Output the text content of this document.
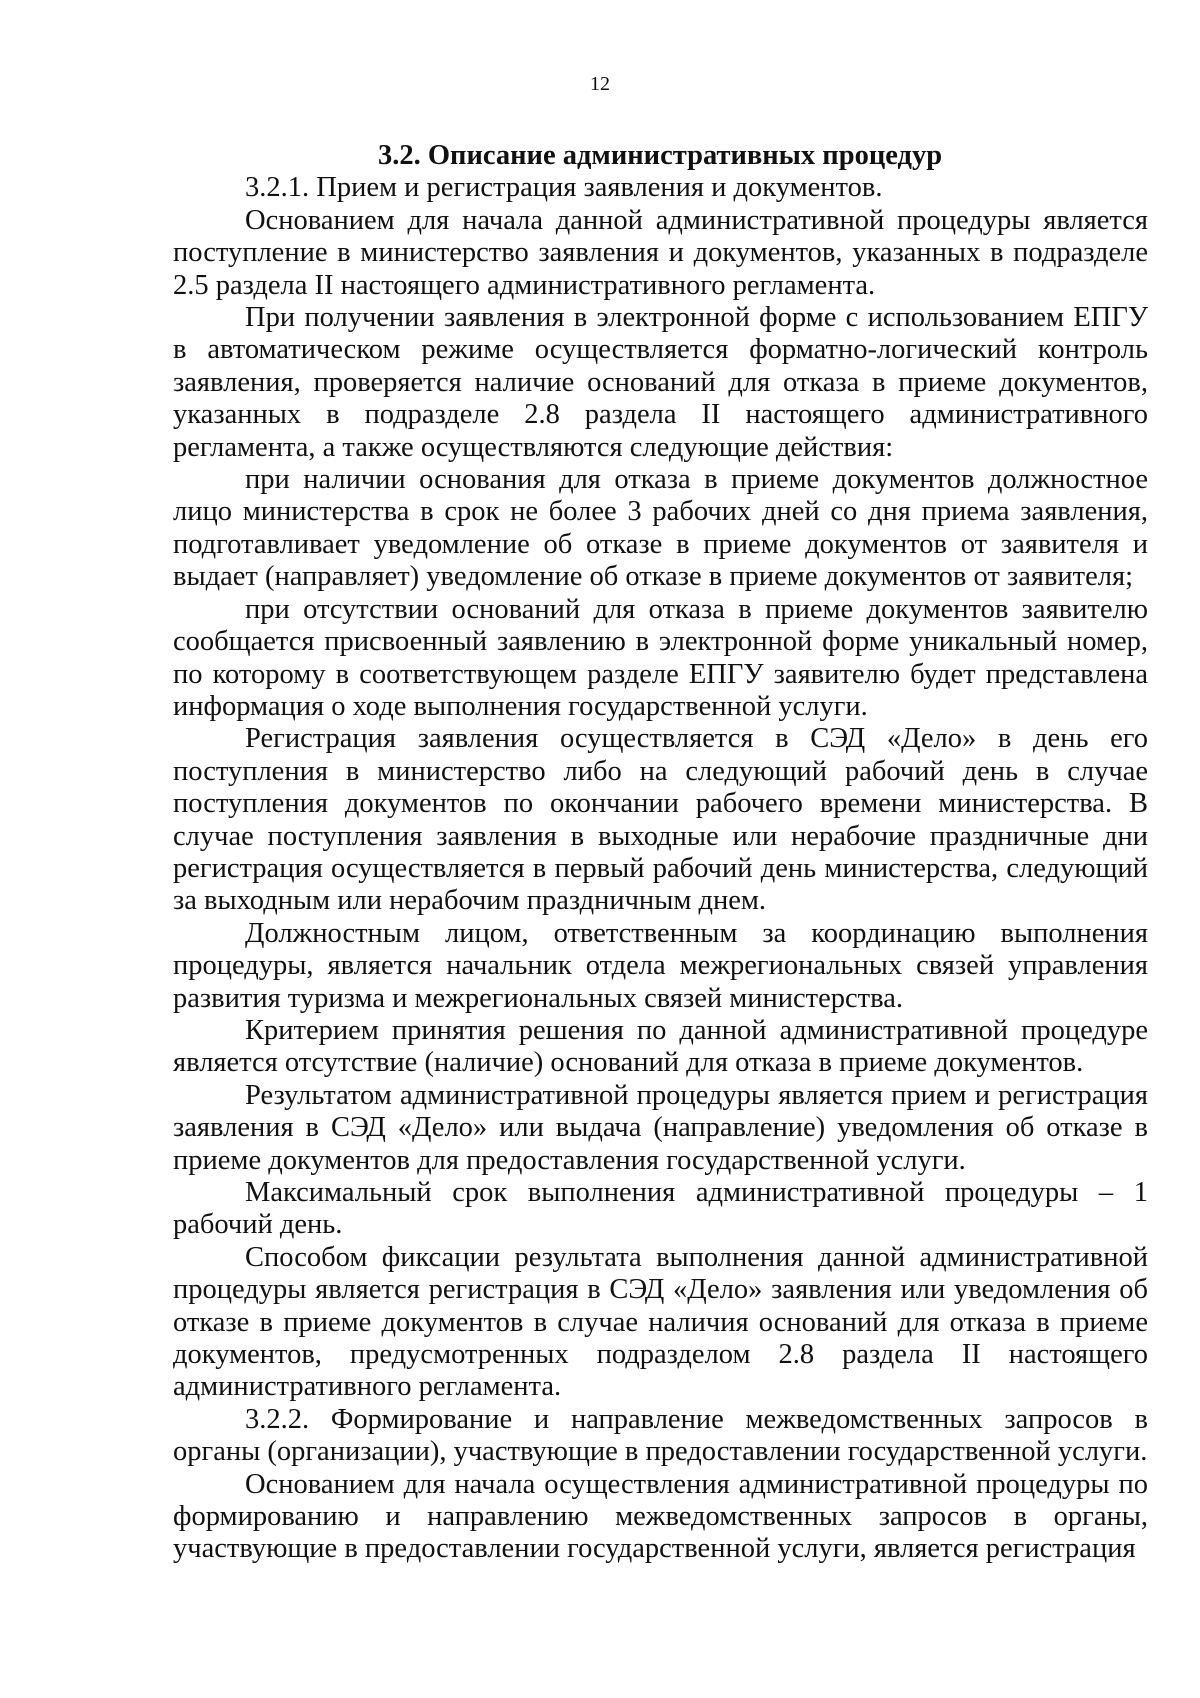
12

3.2. Описание административных процедур

3.2.1. Прием и регистрация заявления и документов.

Основанием для начала данной административной процедуры является поступление в министерство заявления и документов, указанных в подразделе 2.5 раздела II настоящего административного регламента.

При получении заявления в электронной форме с использованием ЕПГУ в автоматическом режиме осуществляется форматно-логический контроль заявления, проверяется наличие оснований для отказа в приеме документов, указанных в подразделе 2.8 раздела II настоящего административного регламента, а также осуществляются следующие действия:

при наличии основания для отказа в приеме документов должностное лицо министерства в срок не более 3 рабочих дней со дня приема заявления, подготавливает уведомление об отказе в приеме документов от заявителя и выдает (направляет) уведомление об отказе в приеме документов от заявителя;

при отсутствии оснований для отказа в приеме документов заявителю сообщается присвоенный заявлению в электронной форме уникальный номер, по которому в соответствующем разделе ЕПГУ заявителю будет представлена информация о ходе выполнения государственной услуги.

Регистрация заявления осуществляется в СЭД «Дело» в день его поступления в министерство либо на следующий рабочий день в случае поступления документов по окончании рабочего времени министерства. В случае поступления заявления в выходные или нерабочие праздничные дни регистрация осуществляется в первый рабочий день министерства, следующий за выходным или нерабочим праздничным днем.

Должностным лицом, ответственным за координацию выполнения процедуры, является начальник отдела межрегиональных связей управления развития туризма и межрегиональных связей министерства.

Критерием принятия решения по данной административной процедуре является отсутствие (наличие) оснований для отказа в приеме документов.

Результатом административной процедуры является прием и регистрация заявления в СЭД «Дело» или выдача (направление) уведомления об отказе в приеме документов для предоставления государственной услуги.

Максимальный срок выполнения административной процедуры – 1 рабочий день.

Способом фиксации результата выполнения данной административной процедуры является регистрация в СЭД «Дело» заявления или уведомления об отказе в приеме документов в случае наличия оснований для отказа в приеме документов, предусмотренных подразделом 2.8 раздела II настоящего административного регламента.

3.2.2. Формирование и направление межведомственных запросов в органы (организации), участвующие в предоставлении государственной услуги.

Основанием для начала осуществления административной процедуры по формированию и направлению межведомственных запросов в органы, участвующие в предоставлении государственной услуги, является регистрация
